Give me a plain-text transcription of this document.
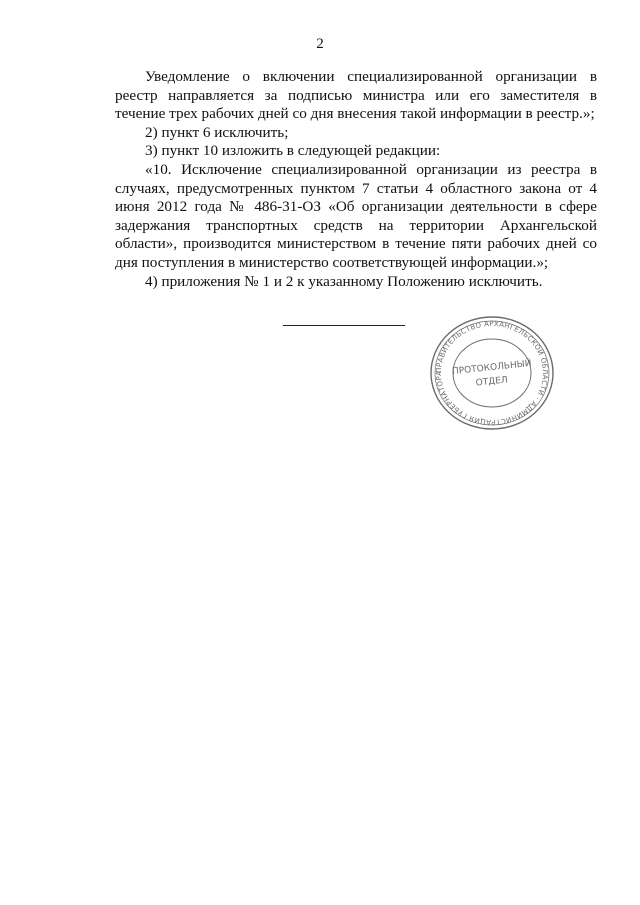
2

Уведомление о включении специализированной организации в реестр направляется за подписью министра или его заместителя в течение трех рабочих дней со дня внесения такой информации в реестр.»;

2) пункт 6 исключить;

3) пункт 10 изложить в следующей редакции:

«10. Исключение специализированной организации из реестра в случаях, предусмотренных пунктом 7 статьи 4 областного закона от 4 июня 2012 года № 486-31-ОЗ «Об организации деятельности в сфере задержания транспортных средств на территории Архангельской области», производится министерством в течение пяти рабочих дней со дня поступления в министерство соответствующей информации.»;

4) приложения № 1 и 2 к указанному Положению исключить.

ПРАВИТЕЛЬСТВО АРХАНГЕЛЬСКОЙ ОБЛАСТИ · АДМИНИСТРАЦИЯ ГУБЕРНАТОРА ПРОТОКОЛЬНЫЙ
ОТДЕЛ
